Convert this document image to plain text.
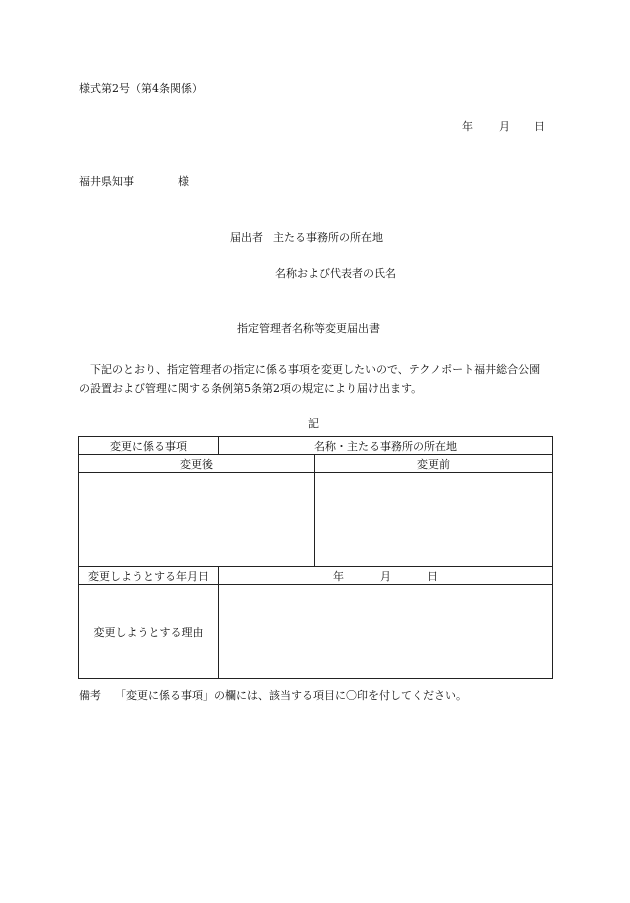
様式第2号（第4条関係）
年 月 日
福井県知事	様
届出者 主たる事務所の所在地
名称および代表者の氏名
指定管理者名称等変更届出書
下記のとおり、指定管理者の指定に係る事項を変更したいので、テクノポート福井総合公園の設置および管理に関する条例第5条第2項の規定により届け出ます。
記
変更に係る事項	名称・主たる事務所の所在地	
変更後		変更前

変更しようとする年月日	年 月 日	
変更しようとする理由		
備考 「変更に係る事項」の欄には、該当する項目に〇印を付してください。
